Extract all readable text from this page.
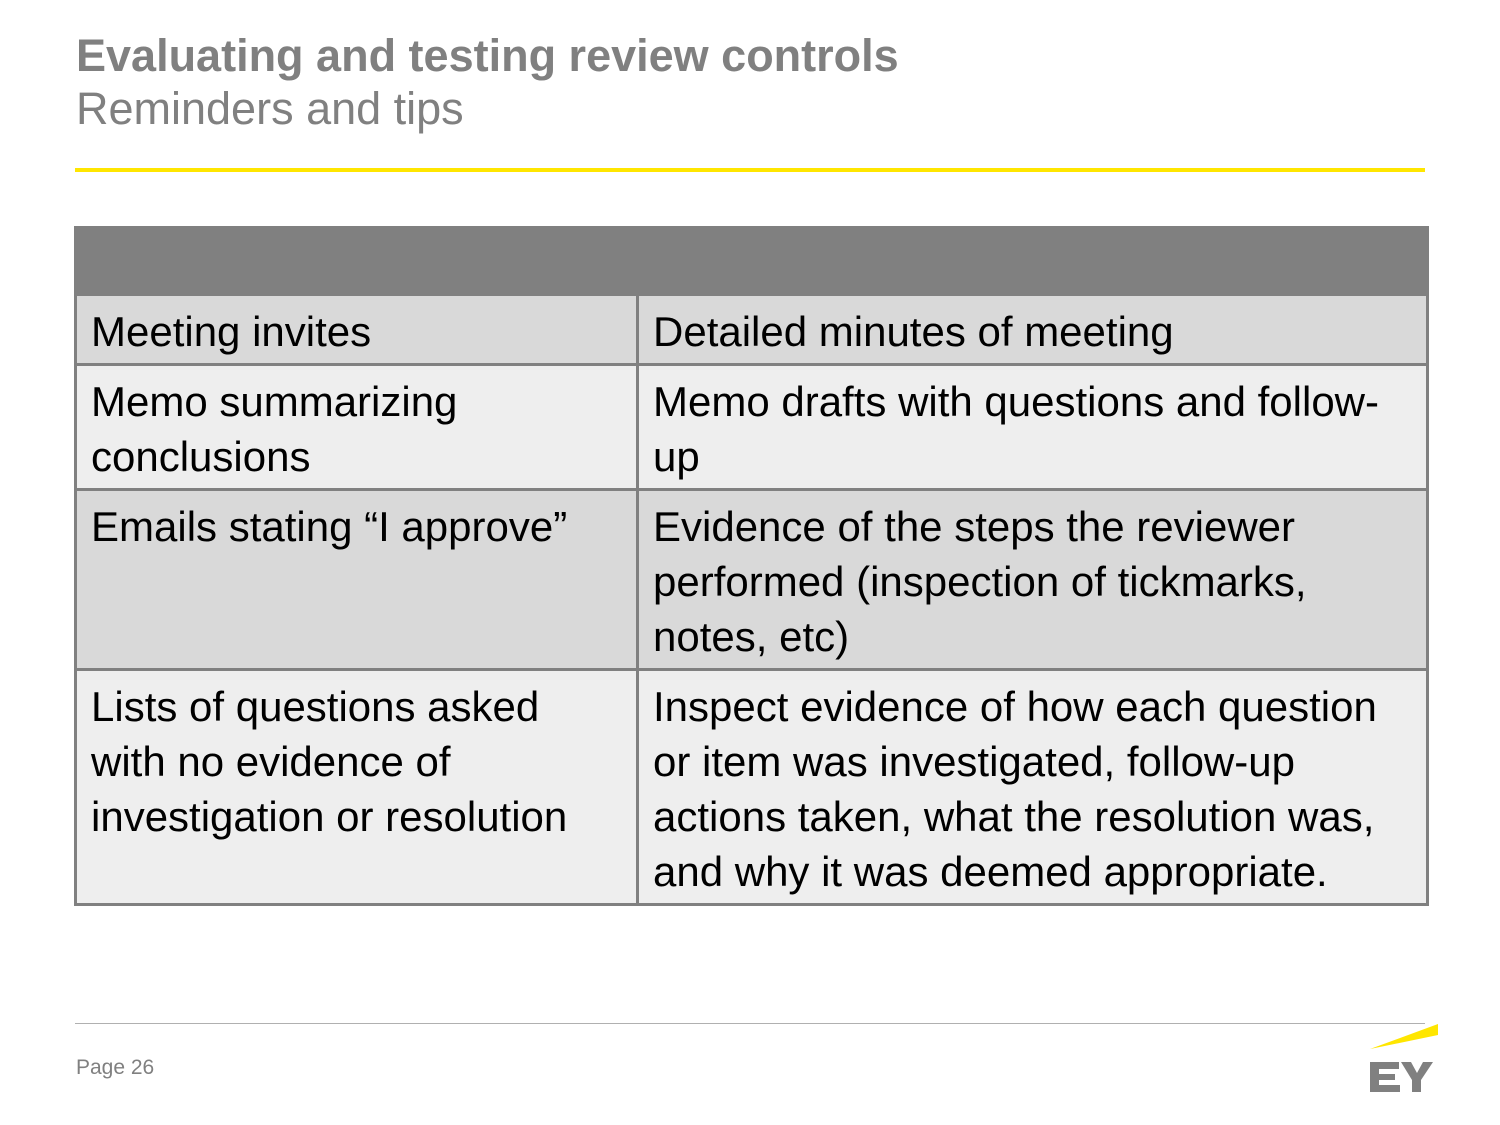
Evaluating and testing review controls
Reminders and tips

Meeting invites	Detailed minutes of meeting
Memo summarizing conclusions	Memo drafts with questions and follow-up
Emails stating “I approve”	Evidence of the steps the reviewer performed (inspection of tickmarks, notes, etc)
Lists of questions asked with no evidence of investigation or resolution	Inspect evidence of how each question or item was investigated, follow-up actions taken, what the resolution was, and why it was deemed appropriate.
Page 26
